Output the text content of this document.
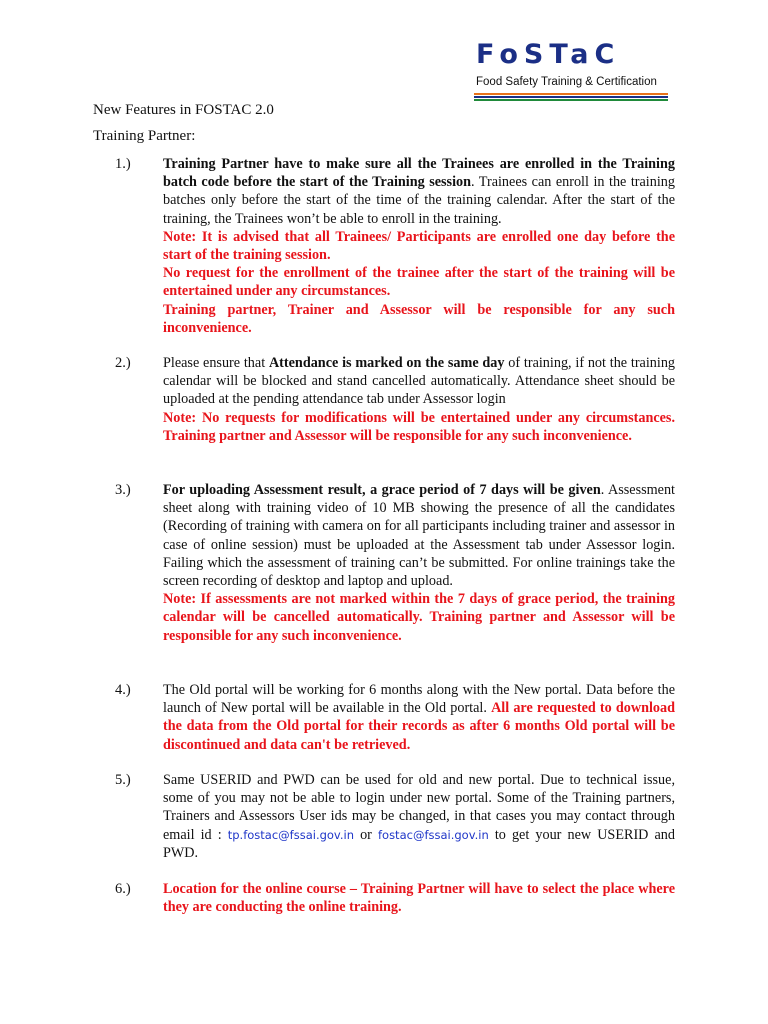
FoSTaC
Food Safety Training & Certification
New Features in FOSTAC 2.0
Training Partner:
1.) Training Partner have to make sure all the Trainees are enrolled in the Training batch code before the start of the Training session. Trainees can enroll in the training batches only before the start of the time of the training calendar. After the start of the training, the Trainees won’t be able to enroll in the training.

Note: It is advised that all Trainees/ Participants are enrolled one day before the start of the training session.

No request for the enrollment of the trainee after the start of the training will be entertained under any circumstances.

Training partner, Trainer and Assessor will be responsible for any such inconvenience.

2.) Please ensure that Attendance is marked on the same day of training, if not the training calendar will be blocked and stand cancelled automatically. Attendance sheet should be uploaded at the pending attendance tab under Assessor login

Note: No requests for modifications will be entertained under any circumstances. Training partner and Assessor will be responsible for any such inconvenience.

3.) For uploading Assessment result, a grace period of 7 days will be given. Assessment sheet along with training video of 10 MB showing the presence of all the candidates (Recording of training with camera on for all participants including trainer and assessor in case of online session) must be uploaded at the Assessment tab under Assessor login. Failing which the assessment of training can’t be submitted. For online trainings take the screen recording of desktop and laptop and upload.

Note: If assessments are not marked within the 7 days of grace period, the training calendar will be cancelled automatically. Training partner and Assessor will be responsible for any such inconvenience.

4.) The Old portal will be working for 6 months along with the New portal. Data before the launch of New portal will be available in the Old portal. All are requested to download the data from the Old portal for their records as after 6 months Old portal will be discontinued and data can't be retrieved.

5.) Same USERID and PWD can be used for old and new portal. Due to technical issue, some of you may not be able to login under new portal. Some of the Training partners, Trainers and Assessors User ids may be changed, in that cases you may contact through email id : tp.fostac@fssai.gov.in or fostac@fssai.gov.in to get your new USERID and PWD.

6.) Location for the online course – Training Partner will have to select the place where they are conducting the online training.
